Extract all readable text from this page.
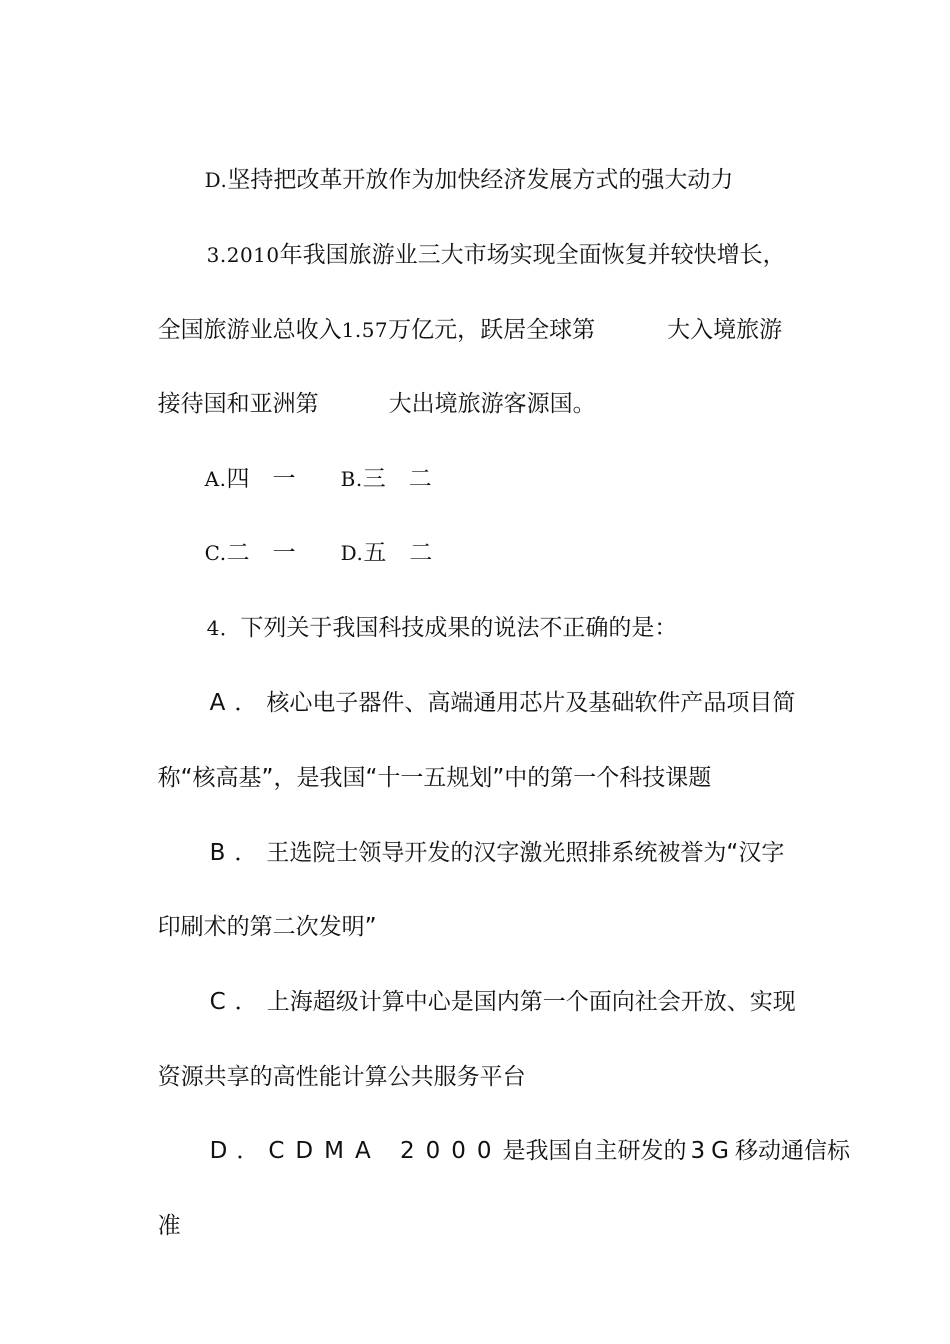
D.坚持把改革开放作为加快经济发展方式的强大动力

3.2010年我国旅游业三大市场实现全面恢复并较快增长，

全国旅游业总收入1.57万亿元，跃居全球第	大入境旅游

接待国和亚洲第	大出境旅游客源国。

A.四　一	B.三　二

C.二　一	D.五　二

4．下列关于我国科技成果的说法不正确的是：

A．核心电子器件、高端通用芯片及基础软件产品项目简

称“核高基”，是我国“十一五规划”中的第一个科技课题

B．王选院士领导开发的汉字激光照排系统被誉为“汉字

印刷术的第二次发明”

C．上海超级计算中心是国内第一个面向社会开放、实现

资源共享的高性能计算公共服务平台

D．CDMA 2000是我国自主研发的 3G移动通信标

准
